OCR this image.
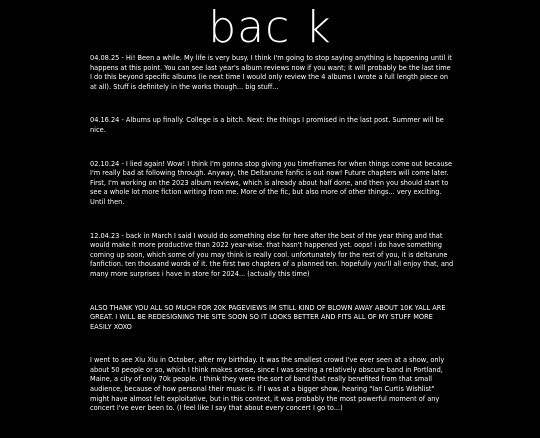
bac k

04.08.25 - Hi! Been a while. My life is very busy. I think I'm going to stop saying anything is happening until it happens at this point. You can see last year's album reviews now if you want; it will probably be the last time I do this beyond specific albums (ie next time I would only review the 4 albums I wrote a full length piece on at all). Stuff is definitely in the works though... big stuff...

04.16.24 - Albums up finally. College is a bitch. Next: the things I promised in the last post. Summer will be nice.

02.10.24 - I lied again! Wow! I think I'm gonna stop giving you timeframes for when things come out because I'm really bad at following through. Anyway, the Deltarune fanfic is out now! Future chapters will come later. First, I'm working on the 2023 album reviews, which is already about half done, and then you should start to see a whole lot more fiction writing from me. More of the fic, but also more of other things... very exciting. Until then.

12.04.23 - back in March I said I would do something else for here after the best of the year thing and that would make it more productive than 2022 year-wise. that hasn't happened yet. oops! i do have something coming up soon, which some of you may think is really cool. unfortunately for the rest of you, it is deltarune fanfiction. ten thousand words of it. the first two chapters of a planned ten. hopefully you'll all enjoy that, and many more surprises i have in store for 2024... (actually this time)

ALSO THANK YOU ALL SO MUCH FOR 20K PAGEVIEWS IM STILL KIND OF BLOWN AWAY ABOUT 10K YALL ARE GREAT. I WILL BE REDESIGNING THE SITE SOON SO IT LOOKS BETTER AND FITS ALL OF MY STUFF MORE EASILY XOXO

I went to see Xiu Xiu in October, after my birthday. It was the smallest crowd I've ever seen at a show, only about 50 people or so, which I think makes sense, since I was seeing a relatively obscure band in Portland, Maine, a city of only 70k people. I think they were the sort of band that really benefited from that small audience, because of how personal their music is. If I was at a bigger show, hearing "Ian Curtis Wishlist" might have almost felt exploitative, but in this context, it was probably the most powerful moment of any concert I've ever been to. (I feel like I say that about every concert I go to...)
